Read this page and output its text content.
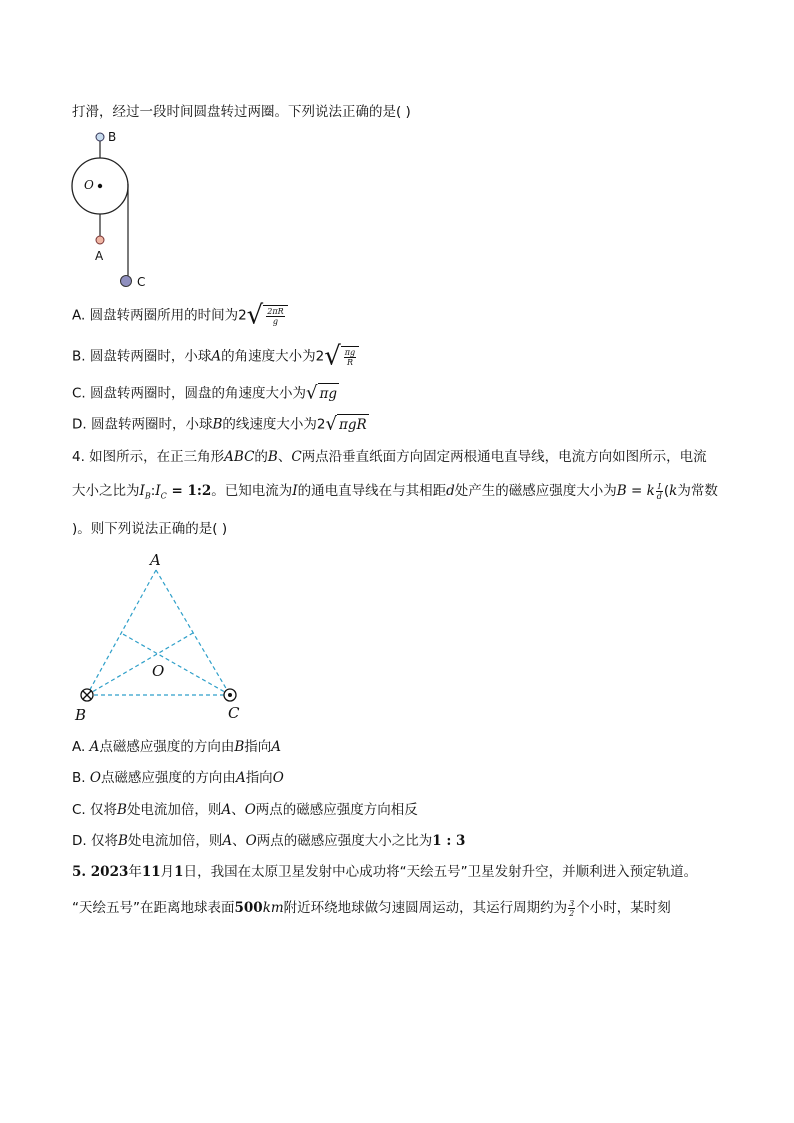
打滑，经过一段时间圆盘转过两圈。下列说法正确的是( )
B
O
A
C
A. 圆盘转两圈所用的时间为$2√ \frac{2\pi R}{g}$
B. 圆盘转两圈时，小球A的角速度大小为$2√ \frac{\pi g}{R}$
C. 圆盘转两圈时，圆盘的角速度大小为√ πg
D. 圆盘转两圈时，小球B的线速度大小为2√ πgR
4. 如图所示，在正三角形ABC的B、C两点沿垂直纸面方向固定两根通电直导线，电流方向如图所示，电流
大小之比为$I_B:I_C$ = 1:2。已知电流为I的通电直导线在与其相距d处产生的磁感应强度大小为B = k $\frac{I}{d} (k$为常数
)。则下列说法正确的是( )
A
O
B	C
A. A点磁感应强度的方向由B指向A
B. O点磁感应强度的方向由A指向O
C. 仅将B处电流加倍，则A、O两点的磁感应强度方向相反
D. 仅将B处电流加倍，则A、O两点的磁感应强度大小之比为1 : 3
5. 2023年11月1日，我国在太原卫星发射中心成功将“天绘五号”卫星发射升空，并顺利进入预定轨道。
“天绘五号”在距离地球表面500km附近环绕地球做匀速圆周运动，其运行周期约为 $\frac{3}{2}$ 个小时，某时刻
